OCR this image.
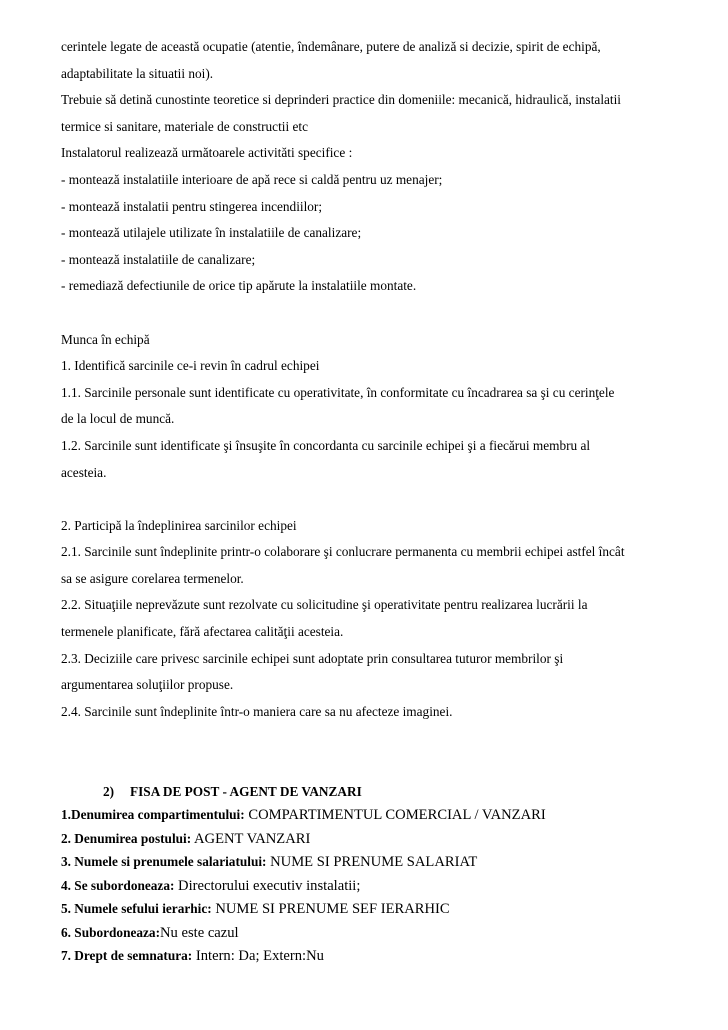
cerintele legate de această ocupatie (atentie, îndemânare, putere de analiză si decizie, spirit de echipă,
adaptabilitate la situatii noi).
Trebuie să detină cunostinte teoretice si deprinderi practice din domeniile: mecanică, hidraulică, instalatii
termice si sanitare, materiale de constructii etc
Instalatorul realizează următoarele activităti specifice :
- montează instalatiile interioare de apă rece si caldă pentru uz menajer;
- montează instalatii pentru stingerea incendiilor;
- montează utilajele utilizate în instalatiile de canalizare;
- montează instalatiile de canalizare;
- remediază defectiunile de orice tip apărute la instalatiile montate.
Munca în echipă
1. Identifică sarcinile ce-i revin în cadrul echipei
1.1. Sarcinile personale sunt identificate cu operativitate, în conformitate cu încadrarea sa şi cu cerinţele
de la locul de muncă.
1.2. Sarcinile sunt identificate şi însuşite în concordanta cu sarcinile echipei şi a fiecărui membru al
acesteia.
2. Participă la îndeplinirea sarcinilor echipei
2.1. Sarcinile sunt îndeplinite printr-o colaborare şi conlucrare permanenta cu membrii echipei astfel încât
sa se asigure corelarea termenelor.
2.2. Situaţiile neprevăzute sunt rezolvate cu solicitudine şi operativitate pentru realizarea lucrării la
termenele planificate, fără afectarea calităţii acesteia.
2.3. Deciziile care privesc sarcinile echipei sunt adoptate prin consultarea tuturor membrilor şi
argumentarea soluţiilor propuse.
2.4. Sarcinile sunt îndeplinite într-o maniera care sa nu afecteze imaginei.
2) FISA DE POST - AGENT DE VANZARI
1.Denumirea compartimentului: COMPARTIMENTUL COMERCIAL / VANZARI
2. Denumirea postului: AGENT VANZARI
3. Numele si prenumele salariatului: NUME SI PRENUME SALARIAT
4. Se subordoneaza: Directorului executiv instalatii;
5. Numele sefului ierarhic: NUME SI PRENUME SEF IERARHIC
6. Subordoneaza:Nu este cazul
7. Drept de semnatura: Intern: Da; Extern:Nu
